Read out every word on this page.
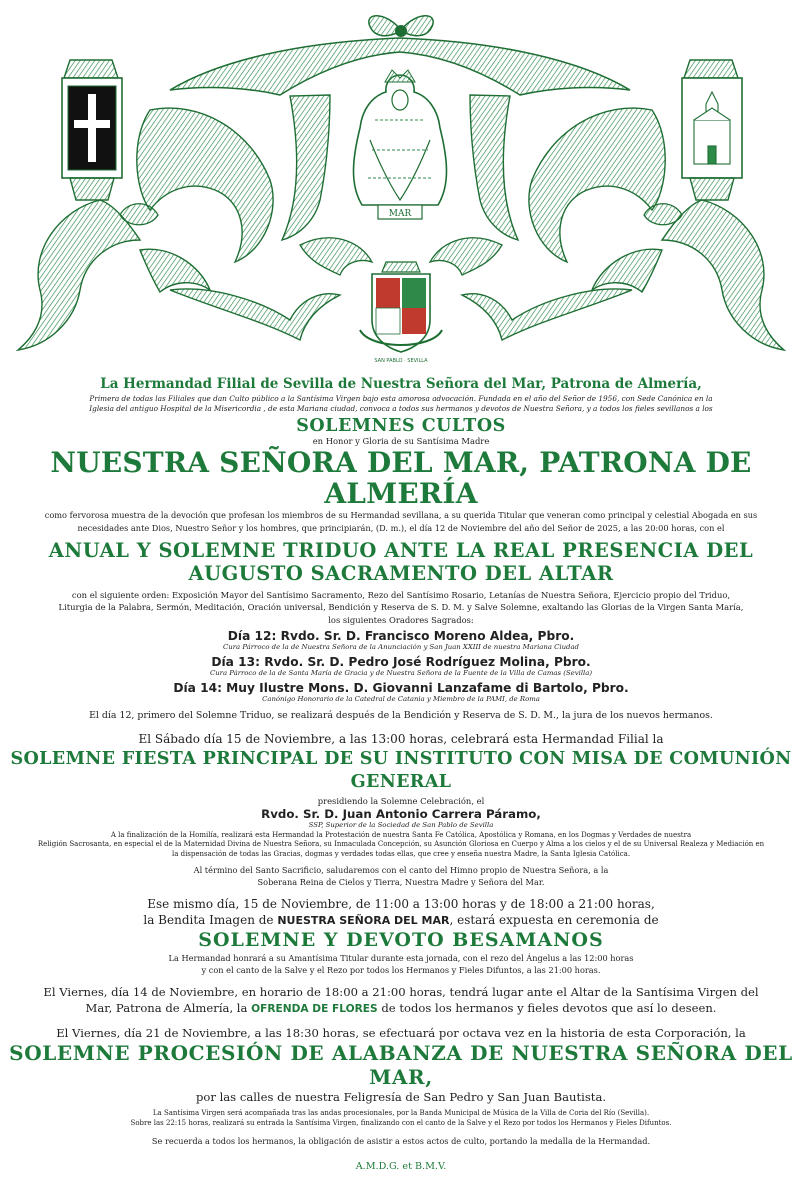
MAR
SAN PABLO · SEVILLA
La Hermandad Filial de Sevilla de Nuestra Señora del Mar, Patrona de Almería,
Primera de todas las Filiales que dan Culto público a la Santísima Virgen bajo esta amorosa advocación. Fundada en el año del Señor de 1956, con Sede Canónica en la
Iglesia del antiguo Hospital de la Misericordia , de esta Mariana ciudad, convoca a todos sus hermanos y devotos de Nuestra Señora, y a todos los fieles sevillanos a los
SOLEMNES CULTOS
en Honor y Gloria de su Santísima Madre
NUESTRA SEÑORA DEL MAR, PATRONA DE ALMERÍA
como fervorosa muestra de la devoción que profesan los miembros de su Hermandad sevillana, a su querida Titular que veneran como principal y celestial Abogada en sus
necesidades ante Dios, Nuestro Señor y los hombres, que principiarán, (D. m.), el día 12 de Noviembre del año del Señor de 2025, a las 20:00 horas, con el
ANUAL Y SOLEMNE TRIDUO ANTE LA REAL PRESENCIA DEL
AUGUSTO SACRAMENTO DEL ALTAR
con el siguiente orden: Exposición Mayor del Santísimo Sacramento, Rezo del Santísimo Rosario, Letanías de Nuestra Señora, Ejercicio propio del Triduo,
Liturgia de la Palabra, Sermón, Meditación, Oración universal, Bendición y Reserva de S. D. M. y Salve Solemne, exaltando las Glorias de la Virgen Santa María,
los siguientes Oradores Sagrados:
Día 12: Rvdo. Sr. D. Francisco Moreno Aldea, Pbro.
Cura Párroco de la de Nuestra Señora de la Anunciación y San Juan XXIII de nuestra Mariana Ciudad
Día 13: Rvdo. Sr. D. Pedro José Rodríguez Molina, Pbro.
Cura Párroco de la de Santa María de Gracia y de Nuestra Señora de la Fuente de la Villa de Camas (Sevilla)
Día 14: Muy Ilustre Mons. D. Giovanni Lanzafame di Bartolo, Pbro.
Canónigo Honorario de la Catedral de Catania y Miembro de la PAMI, de Roma
El día 12, primero del Solemne Triduo, se realizará después de la Bendición y Reserva de S. D. M., la jura de los nuevos hermanos.
El Sábado día 15 de Noviembre, a las 13:00 horas, celebrará esta Hermandad Filial la
SOLEMNE FIESTA PRINCIPAL DE SU INSTITUTO CON MISA DE COMUNIÓN GENERAL
presidiendo la Solemne Celebración, el
Rvdo. Sr. D. Juan Antonio Carrera Páramo,
SSP, Superior de la Sociedad de San Pablo de Sevilla
A la finalización de la Homilía, realizará esta Hermandad la Protestación de nuestra Santa Fe Católica, Apostólica y Romana, en los Dogmas y Verdades de nuestra
Religión Sacrosanta, en especial el de la Maternidad Divina de Nuestra Señora, su Inmaculada Concepción, su Asunción Gloriosa en Cuerpo y Alma a los cielos y el de su Universal Realeza y Mediación en
la dispensación de todas las Gracias, dogmas y verdades todas ellas, que cree y enseña nuestra Madre, la Santa Iglesia Católica.
Al término del Santo Sacrificio, saludaremos con el canto del Himno propio de Nuestra Señora, a la
Soberana Reina de Cielos y Tierra, Nuestra Madre y Señora del Mar.
Ese mismo día, 15 de Noviembre, de 11:00 a 13:00 horas y de 18:00 a 21:00 horas,
la Bendita Imagen de NUESTRA SEÑORA DEL MAR, estará expuesta en ceremonia de
SOLEMNE Y DEVOTO BESAMANOS
La Hermandad honrará a su Amantísima Titular durante esta jornada, con el rezo del Ángelus a las 12:00 horas
y con el canto de la Salve y el Rezo por todos los Hermanos y Fieles Difuntos, a las 21:00 horas.
El Viernes, día 14 de Noviembre, en horario de 18:00 a 21:00 horas, tendrá lugar ante el Altar de la Santísima Virgen del
Mar, Patrona de Almería, la OFRENDA DE FLORES de todos los hermanos y fieles devotos que así lo deseen.
El Viernes, día 21 de Noviembre, a las 18:30 horas, se efectuará por octava vez en la historia de esta Corporación, la
SOLEMNE PROCESIÓN DE ALABANZA DE NUESTRA SEÑORA DEL MAR,
por las calles de nuestra Feligresía de San Pedro y San Juan Bautista.
La Santísima Virgen será acompañada tras las andas procesionales, por la Banda Municipal de Música de la Villa de Coria del Río (Sevilla).
Sobre las 22:15 horas, realizará su entrada la Santísima Virgen, finalizando con el canto de la Salve y el Rezo por todos los Hermanos y Fieles Difuntos.
Se recuerda a todos los hermanos, la obligación de asistir a estos actos de culto, portando la medalla de la Hermandad.
A.M.D.G. et B.M.V.
